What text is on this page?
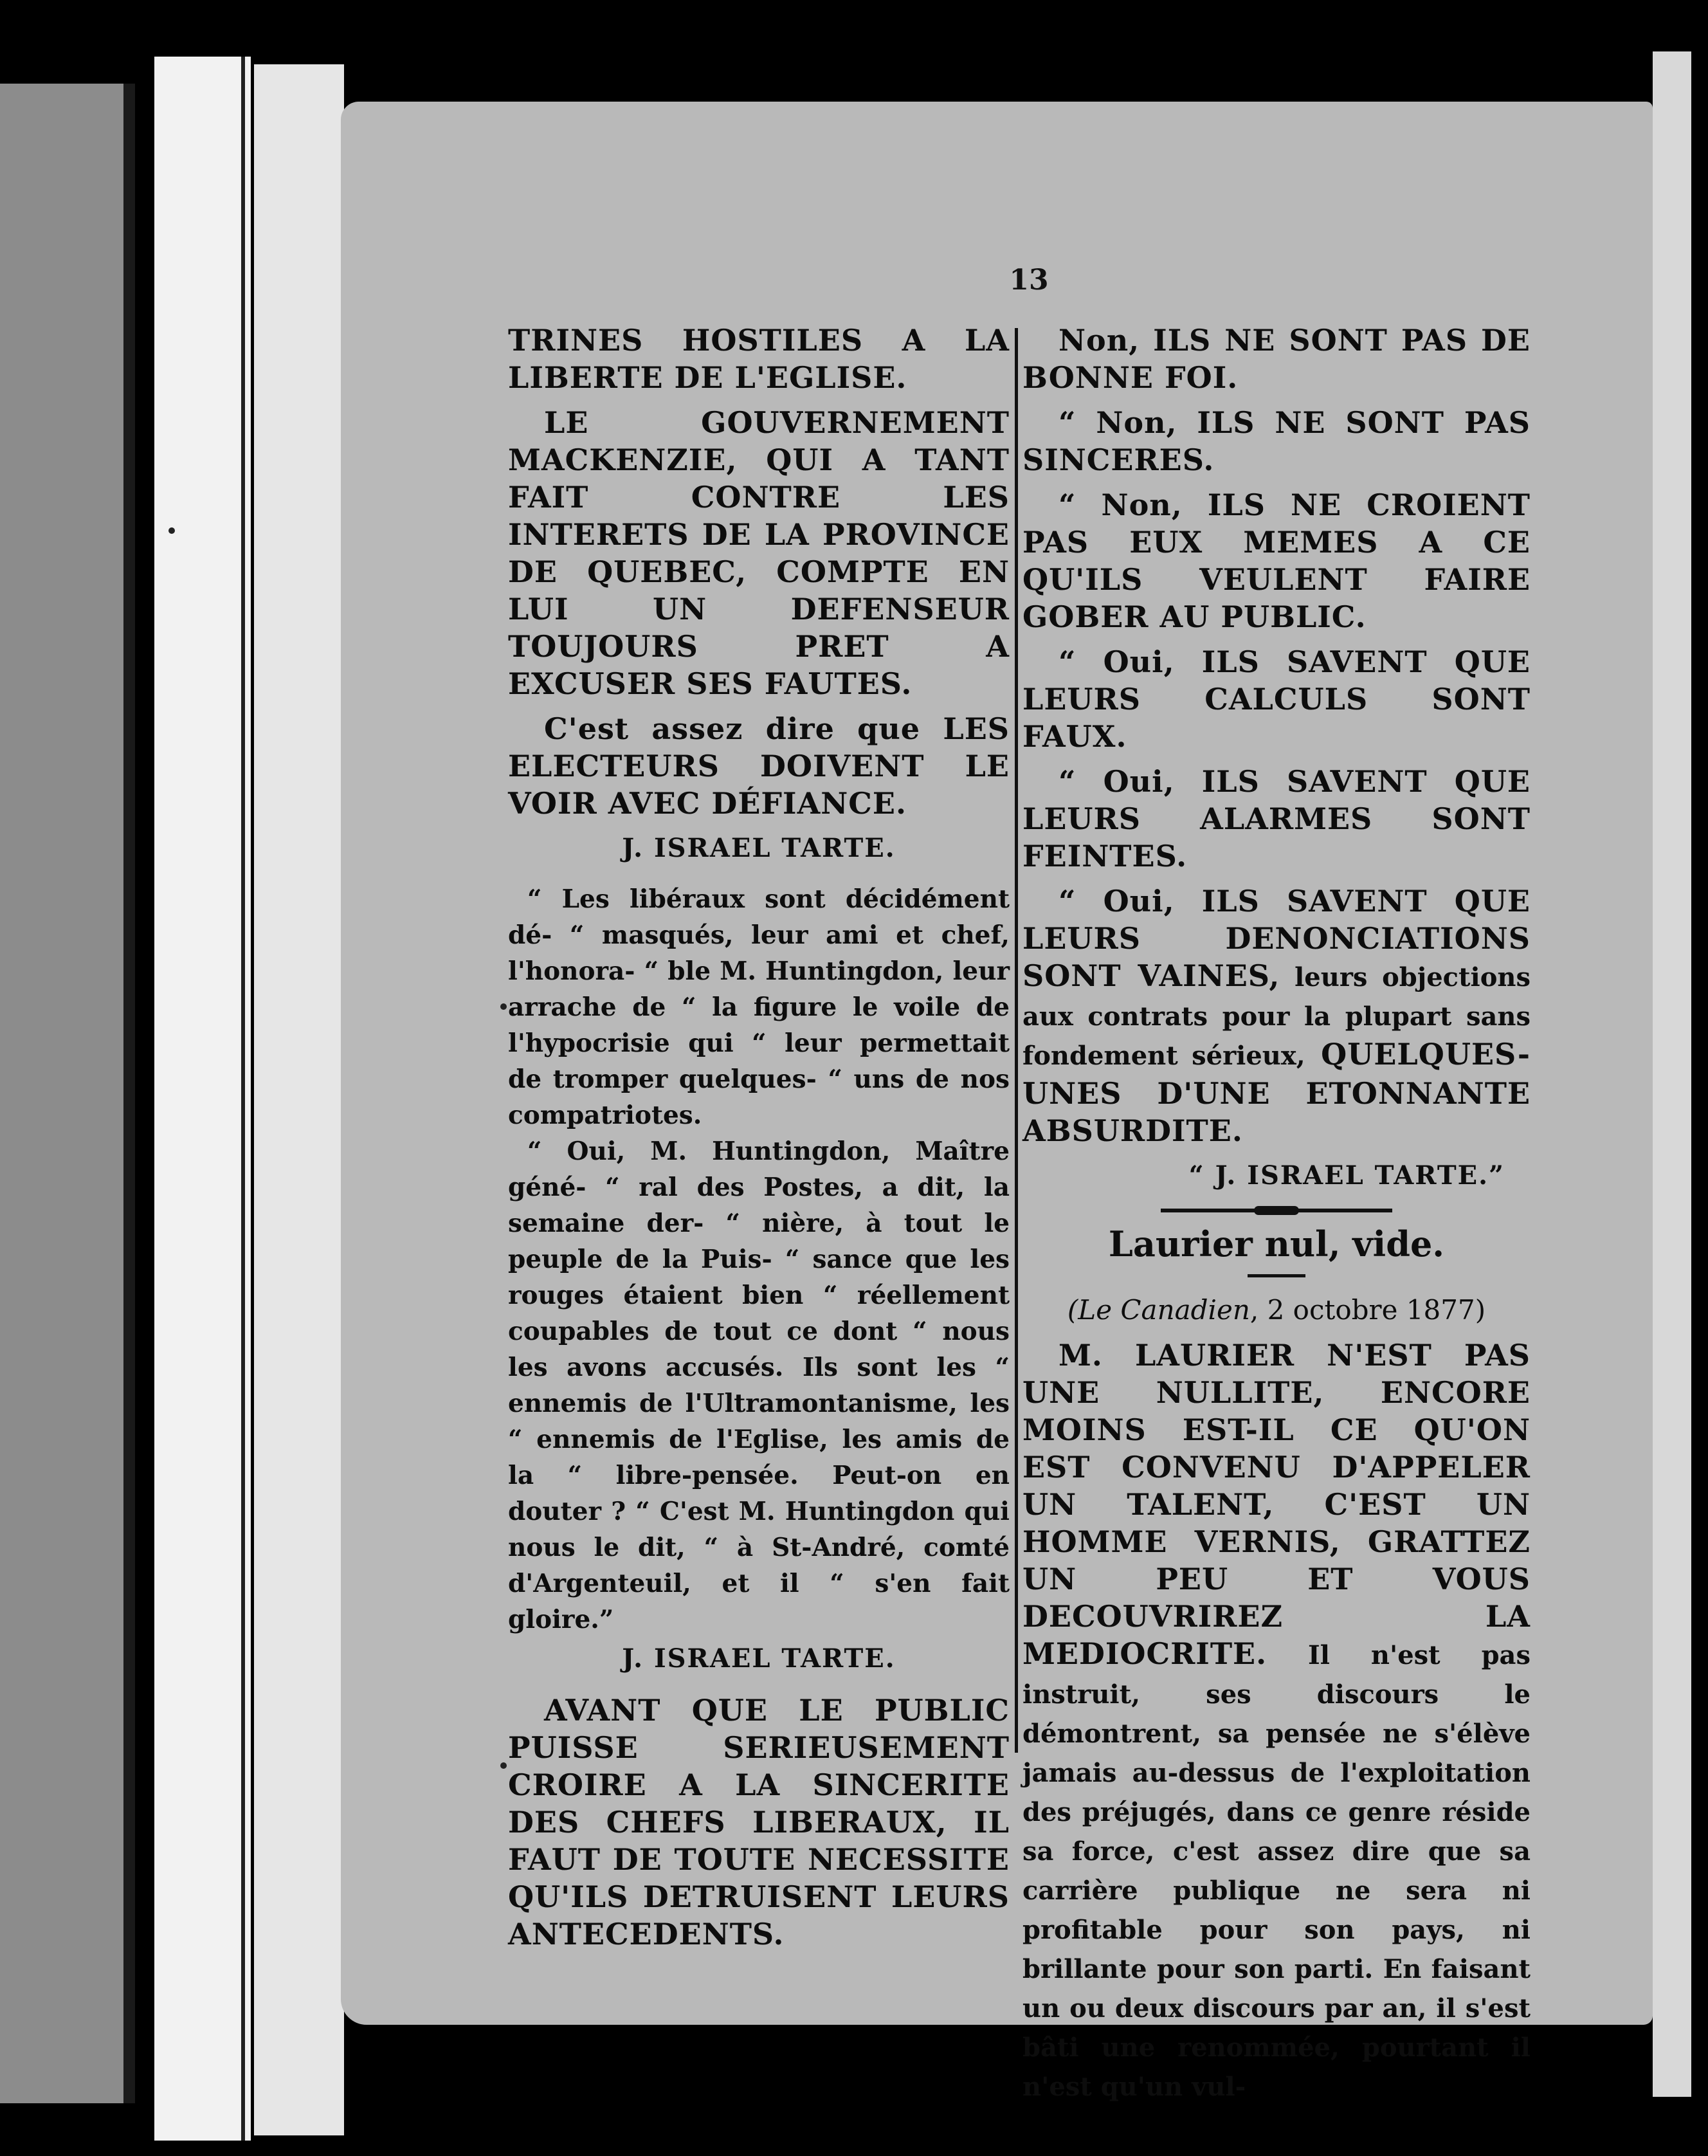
13

TRINES HOSTILES A LA LIBERTE DE L'EGLISE.

LE GOUVERNEMENT MACKENZIE, QUI A TANT FAIT CONTRE LES INTERETS DE LA PROVINCE DE QUEBEC, COMPTE EN LUI UN DEFENSEUR TOUJOURS PRET A EXCUSER SES FAUTES.

C'est assez dire que LES ELECTEURS DOIVENT LE VOIR AVEC DÉFIANCE.

J. ISRAEL TARTE.

“ Les libéraux sont décidément dé- “ masqués, leur ami et chef, l'honora- “ ble M. Huntingdon, leur arrache de “ la figure le voile de l'hypocrisie qui “ leur permettait de tromper quelques- “ uns de nos compatriotes.

“ Oui, M. Huntingdon, Maître géné- “ ral des Postes, a dit, la semaine der- “ nière, à tout le peuple de la Puis- “ sance que les rouges étaient bien “ réellement coupables de tout ce dont “ nous les avons accusés. Ils sont les “ ennemis de l'Ultramontanisme, les “ ennemis de l'Eglise, les amis de la “ libre-pensée. Peut-on en douter ? “ C'est M. Huntingdon qui nous le dit, “ à St-André, comté d'Argenteuil, et il “ s'en fait gloire.”

J. ISRAEL TARTE.

AVANT QUE LE PUBLIC PUISSE SERIEUSEMENT CROIRE A LA SINCERITE DES CHEFS LIBERAUX, IL FAUT DE TOUTE NECESSITE QU'ILS DETRUISENT LEURS ANTECEDENTS.

Non, ILS NE SONT PAS DE BONNE FOI.

“ Non, ILS NE SONT PAS SINCERES.

“ Non, ILS NE CROIENT PAS EUX MEMES A CE QU'ILS VEULENT FAIRE GOBER AU PUBLIC.

“ Oui, ILS SAVENT QUE LEURS CALCULS SONT FAUX.

“ Oui, ILS SAVENT QUE LEURS ALARMES SONT FEINTES.

“ Oui, ILS SAVENT QUE LEURS DENONCIATIONS SONT VAINES, leurs objections aux contrats pour la plupart sans fondement sérieux, QUELQUES-UNES D'UNE ETONNANTE ABSURDITE.

“ J. ISRAEL TARTE.”
Laurier nul, vide.
(Le Canadien, 2 octobre 1877)

M. LAURIER N'EST PAS UNE NULLITE, ENCORE MOINS EST-IL CE QU'ON EST CONVENU D'APPELER UN TALENT, C'EST UN HOMME VERNIS, GRATTEZ UN PEU ET VOUS DECOUVRIREZ LA MEDIOCRITE. Il n'est pas instruit, ses discours le démontrent, sa pensée ne s'élève jamais au-dessus de l'exploitation des préjugés, dans ce genre réside sa force, c'est assez dire que sa carrière publique ne sera ni profitable pour son pays, ni brillante pour son parti. En faisant un ou deux discours par an, il s'est bâti une renommée, pourtant il n'est qu'un vul-
